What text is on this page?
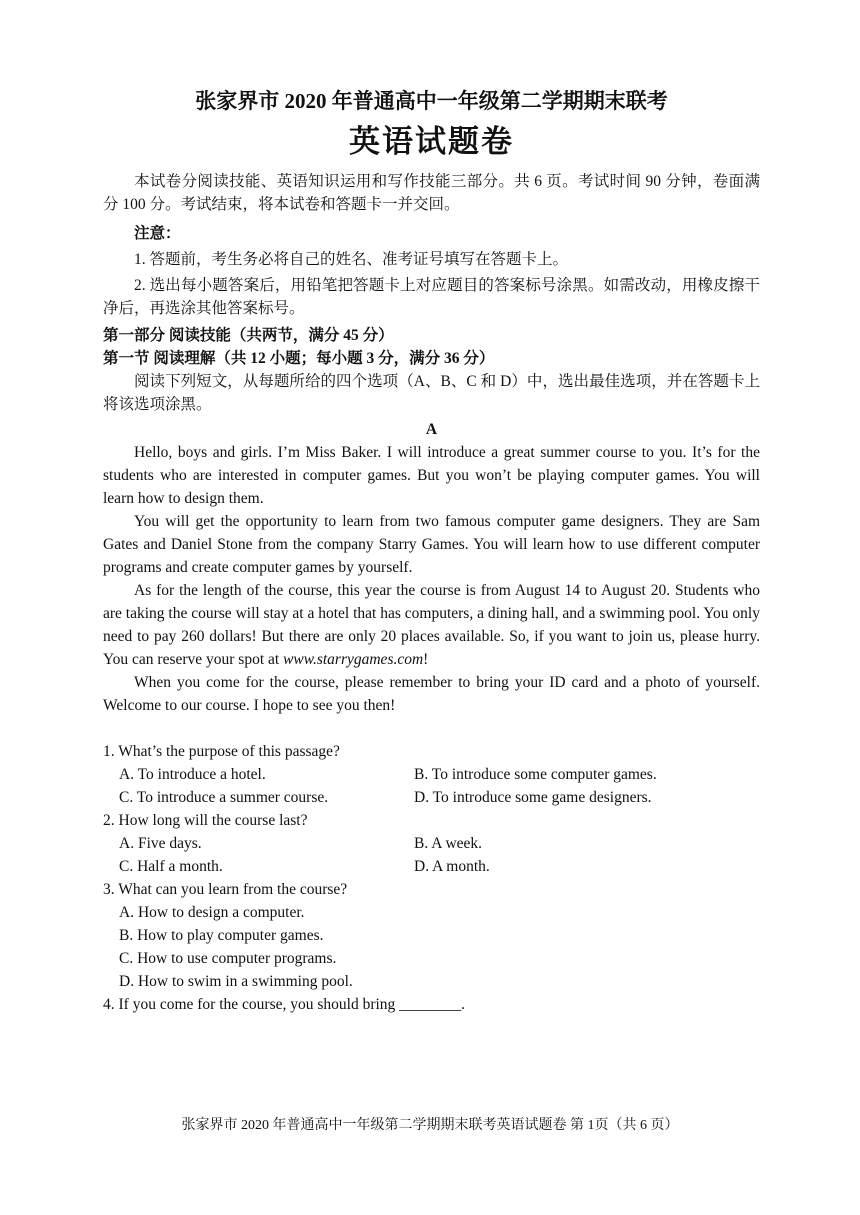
张家界市 2020 年普通高中一年级第二学期期末联考
英语试题卷

本试卷分阅读技能、英语知识运用和写作技能三部分。共 6 页。考试时间 90 分钟，卷面满分 100 分。考试结束，将本试卷和答题卡一并交回。

注意：

1. 答题前，考生务必将自己的姓名、准考证号填写在答题卡上。

2. 选出每小题答案后，用铅笔把答题卡上对应题目的答案标号涂黑。如需改动，用橡皮擦干净后，再选涂其他答案标号。

第一部分 阅读技能（共两节，满分 45 分）

第一节 阅读理解（共 12 小题；每小题 3 分，满分 36 分）

阅读下列短文，从每题所给的四个选项（A、B、C 和 D）中，选出最佳选项，并在答题卡上将该选项涂黑。

A

Hello, boys and girls. I’m Miss Baker. I will introduce a great summer course to you. It’s for the students who are interested in computer games. But you won’t be playing computer games. You will learn how to design them.

You will get the opportunity to learn from two famous computer game designers. They are Sam Gates and Daniel Stone from the company Starry Games. You will learn how to use different computer programs and create computer games by yourself.

As for the length of the course, this year the course is from August 14 to August 20. Students who are taking the course will stay at a hotel that has computers, a dining hall, and a swimming pool. You only need to pay 260 dollars! But there are only 20 places available. So, if you want to join us, please hurry. You can reserve your spot at www.starrygames.com!

When you come for the course, please remember to bring your ID card and a photo of yourself. Welcome to our course. I hope to see you then!

1. What’s the purpose of this passage?

A. To introduce a hotel.	B. To introduce some computer games.
C. To introduce a summer course.	D. To introduce some game designers.

2. How long will the course last?

A. Five days.	B. A week.
C. Half a month.	D. A month.

3. What can you learn from the course?

A. How to design a computer.
B. How to play computer games.
C. How to use computer programs.
D. How to swim in a swimming pool.

4. If you come for the course, you should bring ________.

张家界市 2020 年普通高中一年级第二学期期末联考英语试题卷 第 1页（共 6 页）
